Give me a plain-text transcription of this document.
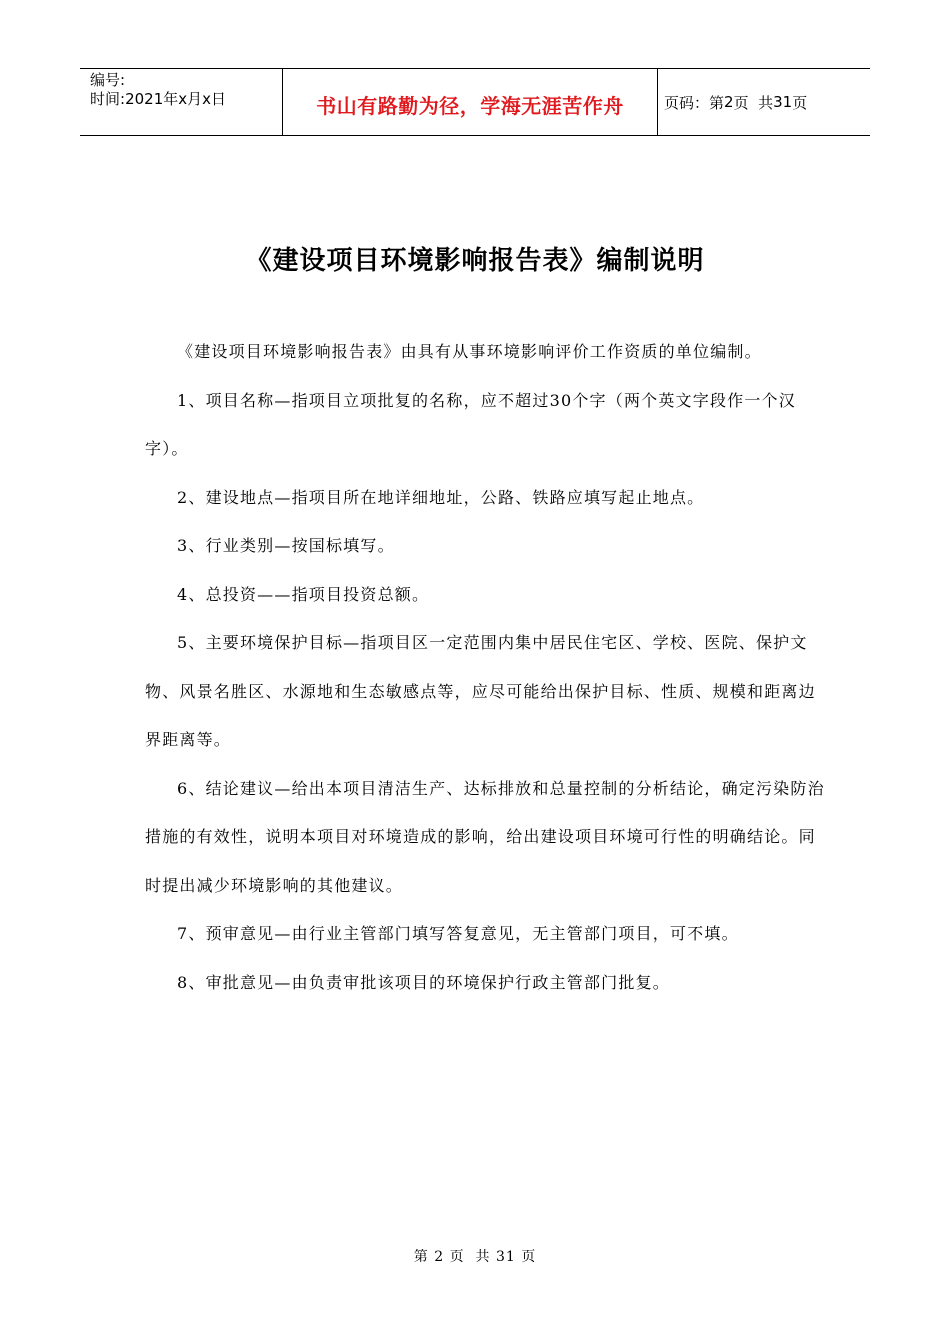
编号:
时间:2021年x月x日	书山有路勤为径，学海无涯苦作舟	页码：第 2 页  共 31 页
《建设项目环境影响报告表》编制说明

《建设项目环境影响报告表》由具有从事环境影响评价工作资质的单位编制。

1、项目名称—指项目立项批复的名称，应不超过30个字（两个英文字段作一个汉字）。

2、建设地点—指项目所在地详细地址，公路、铁路应填写起止地点。

3、行业类别—按国标填写。

4、总投资——指项目投资总额。

5、主要环境保护目标—指项目区一定范围内集中居民住宅区、学校、医院、保护文物、风景名胜区、水源地和生态敏感点等，应尽可能给出保护目标、性质、规模和距离边界距离等。

6、结论建议—给出本项目清洁生产、达标排放和总量控制的分析结论，确定污染防治措施的有效性，说明本项目对环境造成的影响，给出建设项目环境可行性的明确结论。同时提出减少环境影响的其他建议。

7、预审意见—由行业主管部门填写答复意见，无主管部门项目，可不填。

8、审批意见—由负责审批该项目的环境保护行政主管部门批复。

第 2 页  共 31 页
